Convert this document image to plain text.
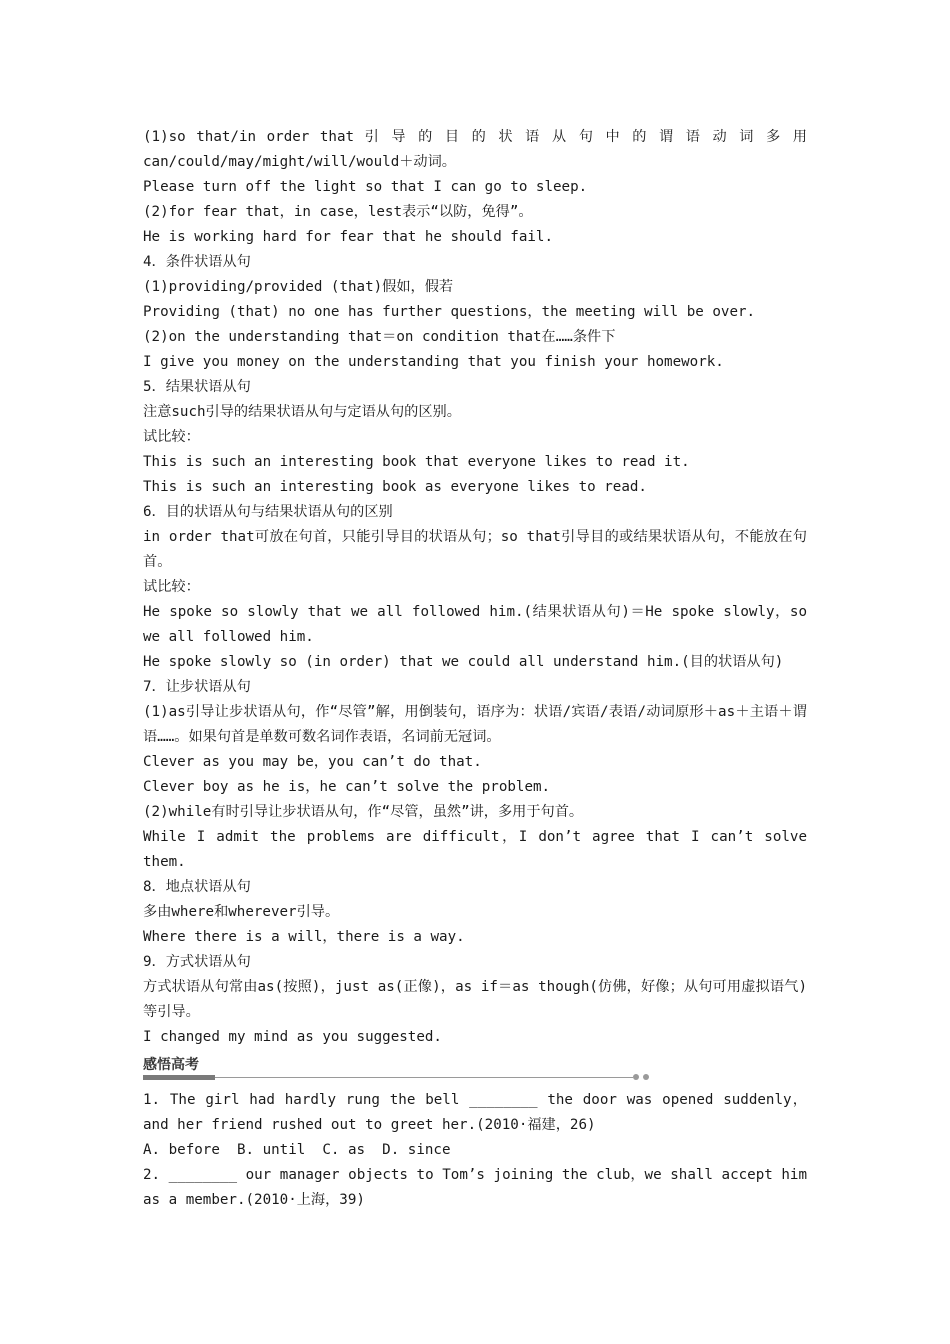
(1)so that/in order that 引 导 的 目 的 状 语 从 句 中 的 谓 语 动 词 多 用can/could/may/might/will/would＋动词。
Please turn off the light so that I can go to sleep.
(2)for fear that，in case，lest表示“以防，免得”。
He is working hard for fear that he should fail.
4．条件状语从句
(1)providing/provided (that)假如，假若
Providing (that) no one has further questions，the meeting will be over.
(2)on the understanding that＝on condition that在……条件下
I give you money on the understanding that you finish your homework.
5．结果状语从句
注意such引导的结果状语从句与定语从句的区别。
试比较：
This is such an interesting book that everyone likes to read it.
This is such an interesting book as everyone likes to read.
6．目的状语从句与结果状语从句的区别
in order that可放在句首，只能引导目的状语从句；so that引导目的或结果状语从句，不能放在句首。
试比较：
He spoke so slowly that we all followed him.(结果状语从句)＝He spoke slowly，so we all followed him.
He spoke slowly so (in order) that we could all understand him.(目的状语从句)
7．让步状语从句
(1)as引导让步状语从句，作“尽管”解，用倒装句，语序为：状语/宾语/表语/动词原形＋as＋主语＋谓语……。如果句首是单数可数名词作表语，名词前无冠词。
Clever as you may be，you can’t do that.
Clever boy as he is，he can’t solve the problem.
(2)while有时引导让步状语从句，作“尽管，虽然”讲，多用于句首。
While I admit the problems are difficult，I don’t agree that I can’t solve them.
8．地点状语从句
多由where和wherever引导。
Where there is a will，there is a way.
9．方式状语从句
方式状语从句常由as(按照)，just as(正像)，as if＝as though(仿佛，好像；从句可用虚拟语气)等引导。
I changed my mind as you suggested.
感悟高考
1. The girl had hardly rung the bell ________ the door was opened suddenly，and her friend rushed out to greet her.(2010·福建，26)
A. before  B. until  C. as  D. since
2. ________ our manager objects to Tom’s joining the club，we shall accept him as a member.(2010·上海，39)
